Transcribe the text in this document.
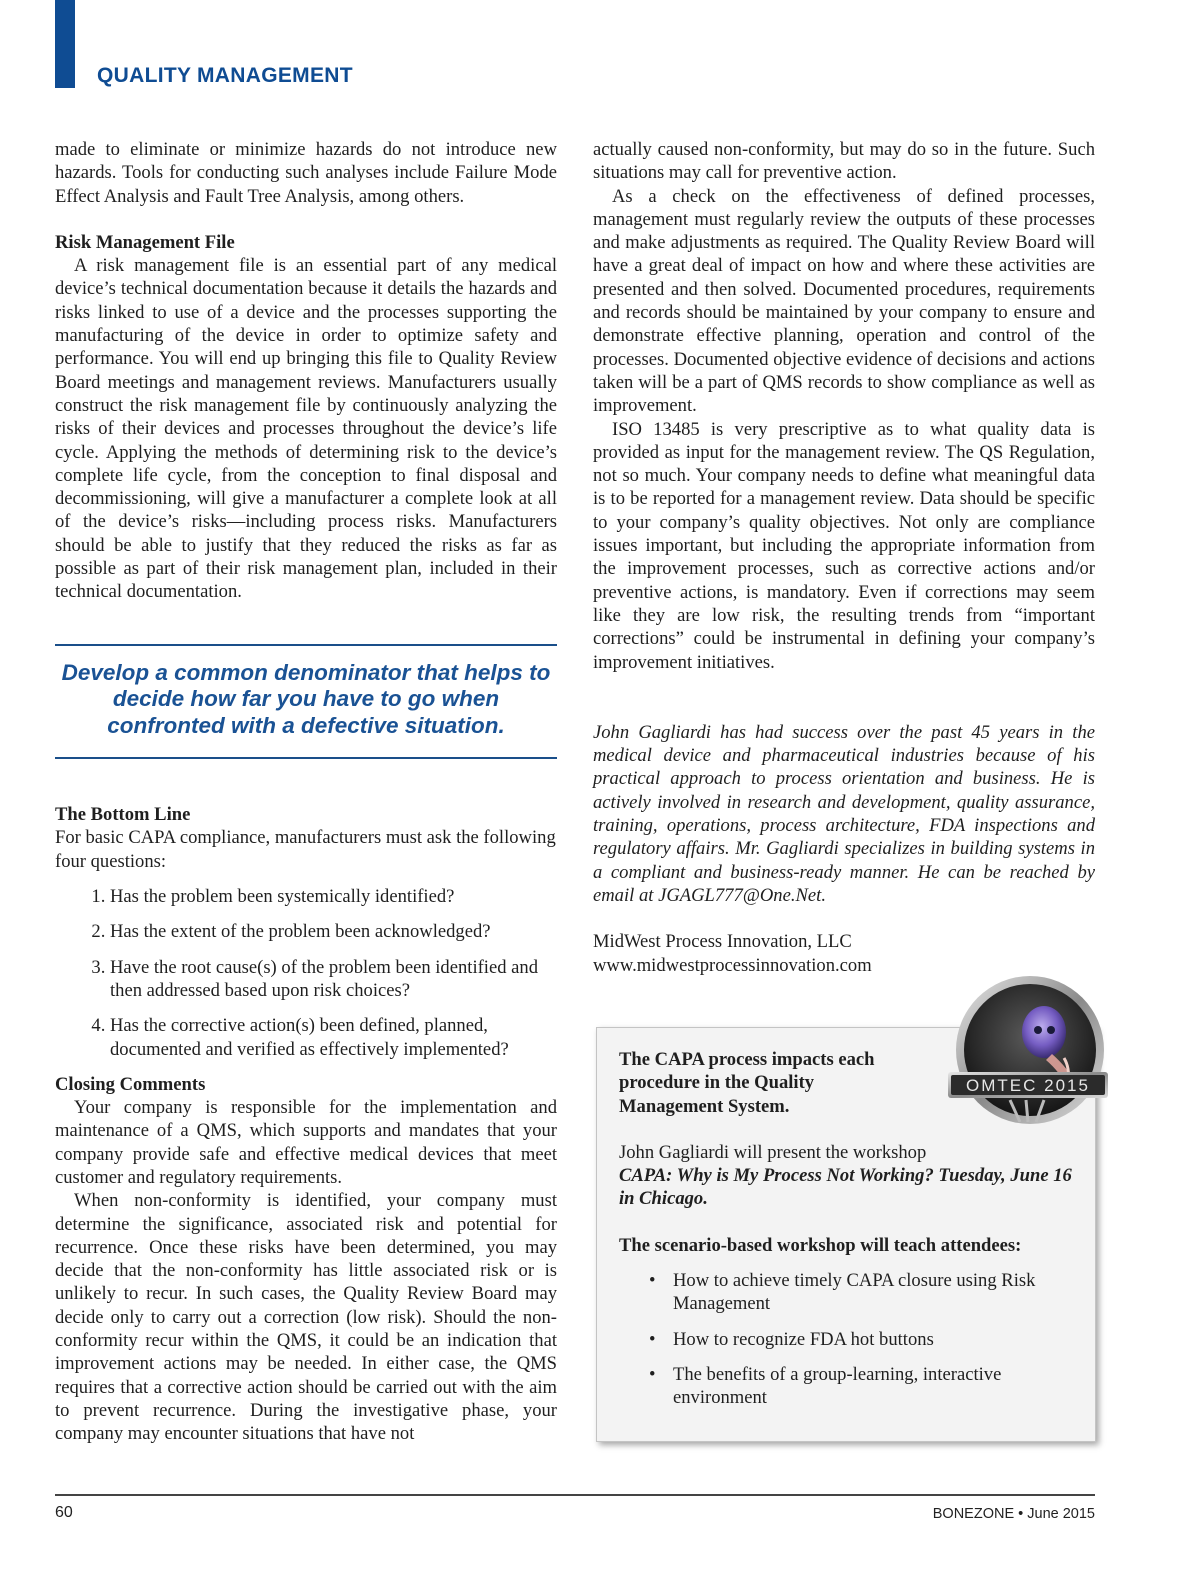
QUALITY MANAGEMENT

made to eliminate or minimize hazards do not introduce new hazards. Tools for conducting such analyses include Failure Mode Effect Analysis and Fault Tree Analysis, among others.

Risk Management File

A risk management file is an essential part of any medical device’s technical documentation because it details the hazards and risks linked to use of a device and the processes supporting the manufacturing of the device in order to optimize safety and performance. You will end up bringing this file to Quality Review Board meetings and management reviews. Manufacturers usually construct the risk management file by continuously analyzing the risks of their devices and processes throughout the device’s life cycle. Applying the methods of determining risk to the device’s complete life cycle, from the conception to final disposal and decommissioning, will give a manufacturer a complete look at all of the device’s risks—including process risks. Manufacturers should be able to justify that they reduced the risks as far as possible as part of their risk management plan, included in their technical documentation.

Develop a common denominator that helps to decide how far you have to go when confronted with a defective situation.
The Bottom Line

For basic CAPA compliance, manufacturers must ask the following four questions:

1. Has the problem been systemically identified?
2. Has the extent of the problem been acknowledged?
3. Have the root cause(s) of the problem been identified and then addressed based upon risk choices?
4. Has the corrective action(s) been defined, planned, documented and verified as effectively implemented?
Closing Comments

Your company is responsible for the implementation and maintenance of a QMS, which supports and mandates that your company provide safe and effective medical devices that meet customer and regulatory requirements.

When non-conformity is identified, your company must determine the significance, associated risk and potential for recurrence. Once these risks have been determined, you may decide that the non-conformity has little associated risk or is unlikely to recur. In such cases, the Quality Review Board may decide only to carry out a correction (low risk). Should the non-conformity recur within the QMS, it could be an indication that improvement actions may be needed. In either case, the QMS requires that a corrective action should be carried out with the aim to prevent recurrence. During the investigative phase, your company may encounter situations that have not

actually caused non-conformity, but may do so in the future. Such situations may call for preventive action.

As a check on the effectiveness of defined processes, management must regularly review the outputs of these processes and make adjustments as required. The Quality Review Board will have a great deal of impact on how and where these activities are presented and then solved. Documented procedures, requirements and records should be maintained by your company to ensure and demonstrate effective planning, operation and control of the processes. Documented objective evidence of decisions and actions taken will be a part of QMS records to show compliance as well as improvement.

ISO 13485 is very prescriptive as to what quality data is provided as input for the management review. The QS Regulation, not so much. Your company needs to define what meaningful data is to be reported for a management review. Data should be specific to your company’s quality objectives. Not only are compliance issues important, but including the appropriate information from the improvement processes, such as corrective actions and/or preventive actions, is mandatory. Even if corrections may seem like they are low risk, the resulting trends from “important corrections” could be instrumental in defining your company’s improvement initiatives.

John Gagliardi has had success over the past 45 years in the medical device and pharmaceutical industries because of his practical approach to process orientation and business. He is actively involved in research and development, quality assurance, training, operations, process architecture, FDA inspections and regulatory affairs. Mr. Gagliardi specializes in building systems in a compliant and business-ready manner. He can be reached by email at JGAGL777@One.Net.

MidWest Process Innovation, LLC
www.midwestprocessinnovation.com
The CAPA process impacts each procedure in the Quality Management System.
John Gagliardi will present the workshop
CAPA: Why is My Process Not Working? Tuesday, June 16 in Chicago.
The scenario-based workshop will teach attendees:
• How to achieve timely CAPA closure using Risk Management
• How to recognize FDA hot buttons
• The benefits of a group-learning, interactive environment
OMTEC 2015
60	BONEZONE • June 2015
